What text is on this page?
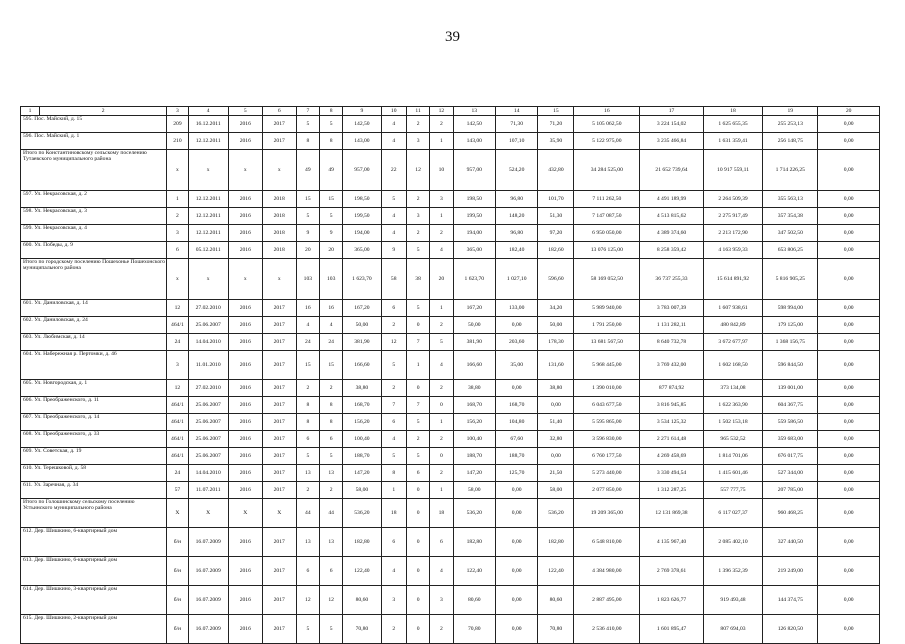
39
1	2	3	4	5	6	7	8	9	10	11	12	13	14	15	16	17	18	19	20
595. Пос. Майский, д. 15		209	16.12.2011	2016	2017	5	5	142,50	4	2	2	142,50	71,30	71,20	5 105 062,50	3 224 154,02	1 625 655,35	255 253,13	0,00
596. Пос. Майский, д. 1		210	12.12.2011	2016	2017	8	8	143,00	4	3	1	143,00	107,10	35,90	5 122 975,00	3 235 466,84	1 631 359,41	256 148,75	0,00
Итого по Константиновскому сельскому поселению Тутаевского муниципального района		x	x	x	x	49	49	957,00	22	12	10	957,00	524,20	432,80	34 284 525,00	21 652 739,64	10 917 559,11	1 714 226,25	0,00
597. Ул. Некрасовская, д. 2		1	12.12.2011	2016	2018	15	15	198,50	5	2	3	198,50	96,80	101,70	7 111 262,50	4 491 189,99	2 264 509,39	355 563,13	0,00
598. Ул. Некрасовская, д. 3		2	12.12.2011	2016	2018	5	5	199,50	4	3	1	199,50	148,20	51,30	7 147 087,50	4 513 815,62	2 275 917,49	357 354,38	0,00
599. Ул. Некрасовская, д. 4		3	12.12.2011	2016	2018	9	9	194,00	4	2	2	194,00	96,80	97,20	6 950 050,00	4 389 374,60	2 213 172,90	347 502,50	0,00
600. Ул. Победы, д. 9		6	05.12.2011	2016	2018	20	20	365,00	9	5	4	365,00	182,40	182,60	13 076 125,00	8 258 359,42	4 163 959,33	653 806,25	0,00
Итого по городскому поселению Пошехонье Пошехонского муниципального района		x	x	x	x	103	103	1 623,70	58	38	20	1 623,70	1 027,10	596,60	58 169 052,50	36 737 255,33	15 614 891,92	5 816 905,25	0,00
601. Ул. Даниловская, д. 14		12	27.02.2010	2016	2017	16	16	167,20	6	5	1	167,20	133,00	34,20	5 989 940,00	3 783 007,39	1 607 938,61	598 994,00	0,00
602. Ул. Даниловская, д. 24		464/1	25.06.2007	2016	2017	4	4	50,00	2	0	2	50,00	0,00	50,00	1 791 250,00	1 131 282,11	480 842,89	179 125,00	0,00
603. Ул. Любимская, д. 14		24	14.04.2010	2016	2017	24	24	381,90	12	7	5	381,90	203,60	178,30	13 681 567,50	8 640 732,78	3 672 677,97	1 368 156,75	0,00
604. Ул. Набережная р. Пертомки, д. 46		3	11.01.2010	2016	2017	15	15	166,60	5	1	4	166,60	35,00	131,60	5 968 445,00	3 769 432,00	1 602 168,50	596 844,50	0,00
605. Ул. Новгородская, д. 1		12	27.02.2010	2016	2017	2	2	38,80	2	0	2	38,80	0,00	38,80	1 390 010,00	877 874,92	373 134,08	139 001,00	0,00
606. Ул. Преображенского, д. 11		464/1	25.06.2007	2016	2017	8	8	168,70	7	7	0	168,70	168,70	0,00	6 043 677,50	3 816 945,85	1 622 363,90	604 367,75	0,00
607. Ул. Преображенского, д. 14		464/1	25.06.2007	2016	2017	8	8	156,20	6	5	1	156,20	104,80	51,40	5 595 865,00	3 534 125,32	1 502 153,18	559 586,50	0,00
608. Ул. Преображенского, д. 33		464/1	25.06.2007	2016	2017	6	6	100,40	4	2	2	100,40	67,60	32,80	3 596 830,00	2 271 614,48	965 532,52	359 683,00	0,00
609. Ул. Советская, д. 19		464/1	25.06.2007	2016	2017	5	5	188,70	5	5	0	188,70	188,70	0,00	6 760 177,50	4 269 458,69	1 814 701,06	676 017,75	0,00
610. Ул. Терешковой, д. 58		24	14.04.2010	2016	2017	13	13	147,20	8	6	2	147,20	125,70	21,50	5 273 440,00	3 330 494,54	1 415 601,46	527 344,00	0,00
611. Ул. Заречная, д. 34		57	11.07.2011	2016	2017	2	2	58,00	1	0	1	58,00	0,00	58,00	2 077 850,00	1 312 287,25	557 777,75	207 785,00	0,00
Итого по Голошинскому сельскому поселению Устьинского муниципального района		X	X	X	X	44	44	536,20	18	0	18	536,20	0,00	536,20	19 209 365,00	12 131 869,38	6 117 027,37	960 468,25	0,00
612. Дер. Шишкино, 6-квартирный дом		б/н	16.07.2009	2016	2017	13	13	182,80	6	0	6	182,80	0,00	182,80	6 548 810,00	4 135 967,40	2 085 402,10	327 440,50	0,00
613. Дер. Шишкино, 6-квартирный дом		б/н	16.07.2009	2016	2017	6	6	122,40	4	0	4	122,40	0,00	122,40	4 384 980,00	2 769 378,61	1 396 352,39	219 249,00	0,00
614. Дер. Шишкино, 3-квартирный дом		б/н	16.07.2009	2016	2017	12	12	80,60	3	0	3	80,60	0,00	80,60	2 887 495,00	1 823 626,77	919 493,48	144 374,75	0,00
615. Дер. Шишкино, 2-квартирный дом		б/н	16.07.2009	2016	2017	5	5	70,80	2	0	2	70,80	0,00	70,80	2 536 410,00	1 601 895,47	807 694,03	126 820,50	0,00
